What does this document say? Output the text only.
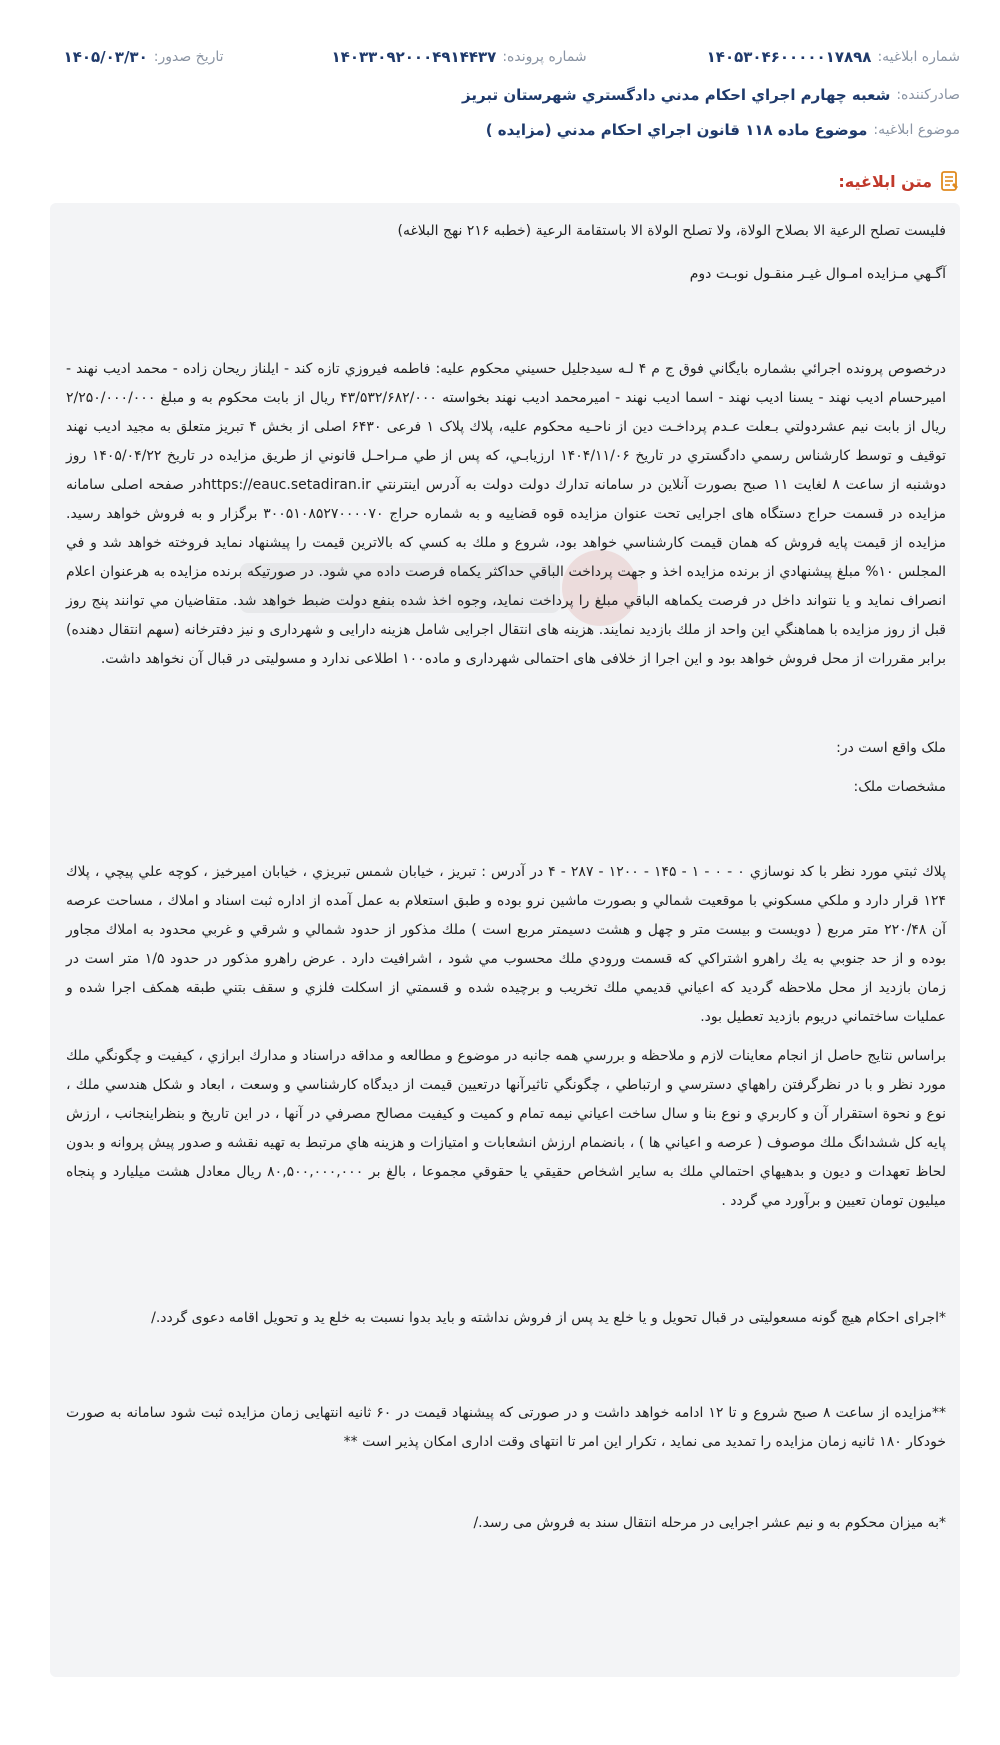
شماره ابلاغيه:
۱۴۰۵۳۰۴۶۰۰۰۰۰۱۷۸۹۸
شماره پرونده:
۱۴۰۳۳۰۹۲۰۰۰۴۹۱۴۴۳۷
تاريخ صدور:
۱۴۰۵/۰۳/۳۰
صادرکننده:
شعبه چهارم اجراي احكام مدني دادگستري شهرستان تبريز
موضوع ابلاغيه:
موضوع ماده ۱۱۸ قانون اجراي احكام مدني (مزايده )
متن ابلاغيه:

فليست تصلح الرعية الا بصلاح الولاة، ولا تصلح الولاة الا باستقامة الرعية (خطبه ۲۱۶ نهج البلاغه)

آگـهي مـزايده امـوال غيـر منقـول نوبـت دوم

درخصوص پرونده اجرائي بشماره بايگاني فوق ج م ۴ لـه سيدجليل حسيني محكوم عليه: فاطمه فيروزي تازه كند - ايلناز ريحان زاده - محمد اديب نهند - اميرحسام اديب نهند - يسنا اديب نهند - اسما اديب نهند - اميرمحمد اديب نهند بخواسته ۴۳/۵۳۲/۶۸۲/۰۰۰ ريال از بابت محكوم به و مبلغ ۲/۲۵۰/۰۰۰/۰۰۰ ريال از بابت نيم عشردولتي بـعلت عـدم پرداخـت دين از ناحـيه محكوم عليه، پلاك پلاک ۱ فرعی ۶۴۳۰ اصلی از بخش ۴ تبريز متعلق به مجيد اديب نهند توقيف و توسط كارشناس رسمي دادگستري در تاريخ ۱۴۰۴/۱۱/۰۶ ارزيابـي، كه پس از طي مـراحـل قانوني از طريق مزايده در تاريخ ۱۴۰۵/۰۴/۲۲ روز دوشنبه از ساعت ۸ لغايت ۱۱ صبح بصورت آنلاين در سامانه تدارك دولت دولت به آدرس اينترنتي https://eauc.setadiran.irدر صفحه اصلی سامانه مزايده در قسمت حراج دستگاه های اجرايی تحت عنوان مزايده قوه قضاييه و به شماره حراج ۳۰۰۵۱۰۸۵۲۷۰۰۰۰۷۰ برگزار و به فروش خواهد رسيد. مزايده از قيمت پايه فروش که همان قيمت كارشناسي خواهد بود، شروع و ملك به كسي كه بالاترين قيمت را پيشنهاد نمايد فروخته خواهد شد و في المجلس ۱۰% مبلغ پيشنهادي از برنده مزايده اخذ و جهت پرداخت الباقي حداكثر يكماه فرصت داده مي شود. در صورتيكه برنده مزايده به هرعنوان اعلام انصراف نمايد و يا نتواند داخل در فرصت يكماهه الباقي مبلغ را پرداخت نمايد، وجوه اخذ شده بنفع دولت ضبط خواهد شد. متقاضيان مي توانند پنج روز قبل از روز مزايده با هماهنگي اين واحد از ملك بازديد نمايند. هزينه های انتقال اجرايی شامل هزينه دارايی و شهرداری و نيز دفترخانه (سهم انتقال دهنده) برابر مقررات از محل فروش خواهد بود و اين اجرا از خلافی های احتمالی شهرداری و ماده۱۰۰ اطلاعی ندارد و مسوليتی در قبال آن نخواهد داشت.

ملک واقع است در:

مشخصات ملک:

پلاك ثبتي مورد نظر با كد نوسازي ۰ - ۰ - ۱ - ۱۴۵ - ۱۲۰۰ - ۲۸۷ - ۴ در آدرس : تبريز ، خيابان شمس تبريزي ، خيابان اميرخيز ، كوچه علي پيچي ، پلاك ۱۲۴ قرار دارد و ملكي مسكوني با موقعيت شمالي و بصورت ماشين نرو بوده و طبق استعلام به عمل آمده از اداره ثبت اسناد و املاك ، مساحت عرصه آن ۲۲۰/۴۸ متر مربع ( دويست و بيست متر و چهل و هشت دسيمتر مربع است ) ملك مذكور از حدود شمالي و شرقي و غربي محدود به املاك مجاور بوده و از حد جنوبي به يك راهرو اشتراكي كه قسمت ورودي ملك محسوب مي شود ، اشرافيت دارد . عرض راهرو مذكور در حدود ۱/۵ متر است در زمان بازديد از محل ملاحظه گرديد كه اعياني قديمي ملك تخريب و برچيده شده و قسمتي از اسكلت فلزي و سقف بتني طبقه همكف اجرا شده و عمليات ساختماني دريوم بازديد تعطيل بود.

براساس نتايج حاصل از انجام معاينات لازم و ملاحظه و بررسي همه جانبه در موضوع و مطالعه و مداقه دراسناد و مدارك ابرازي ، كيفيت و چگونگي ملك مورد نظر و با در نظرگرفتن راههاي دسترسي و ارتباطي ، چگونگي تاثيرآنها درتعيين قيمت از ديدگاه كارشناسي و وسعت ، ابعاد و شكل هندسي ملك ، نوع و نحوة استقرار آن و كاربري و نوع بنا و سال ساخت اعياني نيمه تمام و كميت و كيفيت مصالح مصرفي در آنها ، در اين تاريخ و بنظراينجانب ، ارزش پايه كل ششدانگ ملك موصوف ( عرصه و اعياني ها ) ، بانضمام ارزش انشعابات و امتيازات و هزينه هاي مرتبط به تهيه نقشه و صدور پيش پروانه و بدون لحاظ تعهدات و ديون و بدهيهاي احتمالي ملك به ساير اشخاص حقيقي يا حقوقي مجموعا ، بالغ بر ۸۰,۵۰۰,۰۰۰,۰۰۰ ريال معادل هشت ميليارد و پنجاه ميليون تومان تعيين و برآورد مي گردد .

*اجرای احکام هيچ گونه مسعوليتی در قبال تحويل و يا خلع يد پس از فروش نداشته و بايد بدوا نسبت به خلع يد و تحويل اقامه دعوی گردد./

**مزايده از ساعت ۸ صبح شروع و تا ۱۲ ادامه خواهد داشت و در صورتی که پيشنهاد قيمت در ۶۰ ثانيه انتهايی زمان مزايده ثبت شود سامانه به صورت خودکار ۱۸۰ ثانيه زمان مزايده را تمديد می نمايد ، تکرار اين امر تا انتهای وقت اداری امکان پذير است **

*به ميزان محکوم به و نيم عشر اجرايی در مرحله انتقال سند به فروش می رسد./
